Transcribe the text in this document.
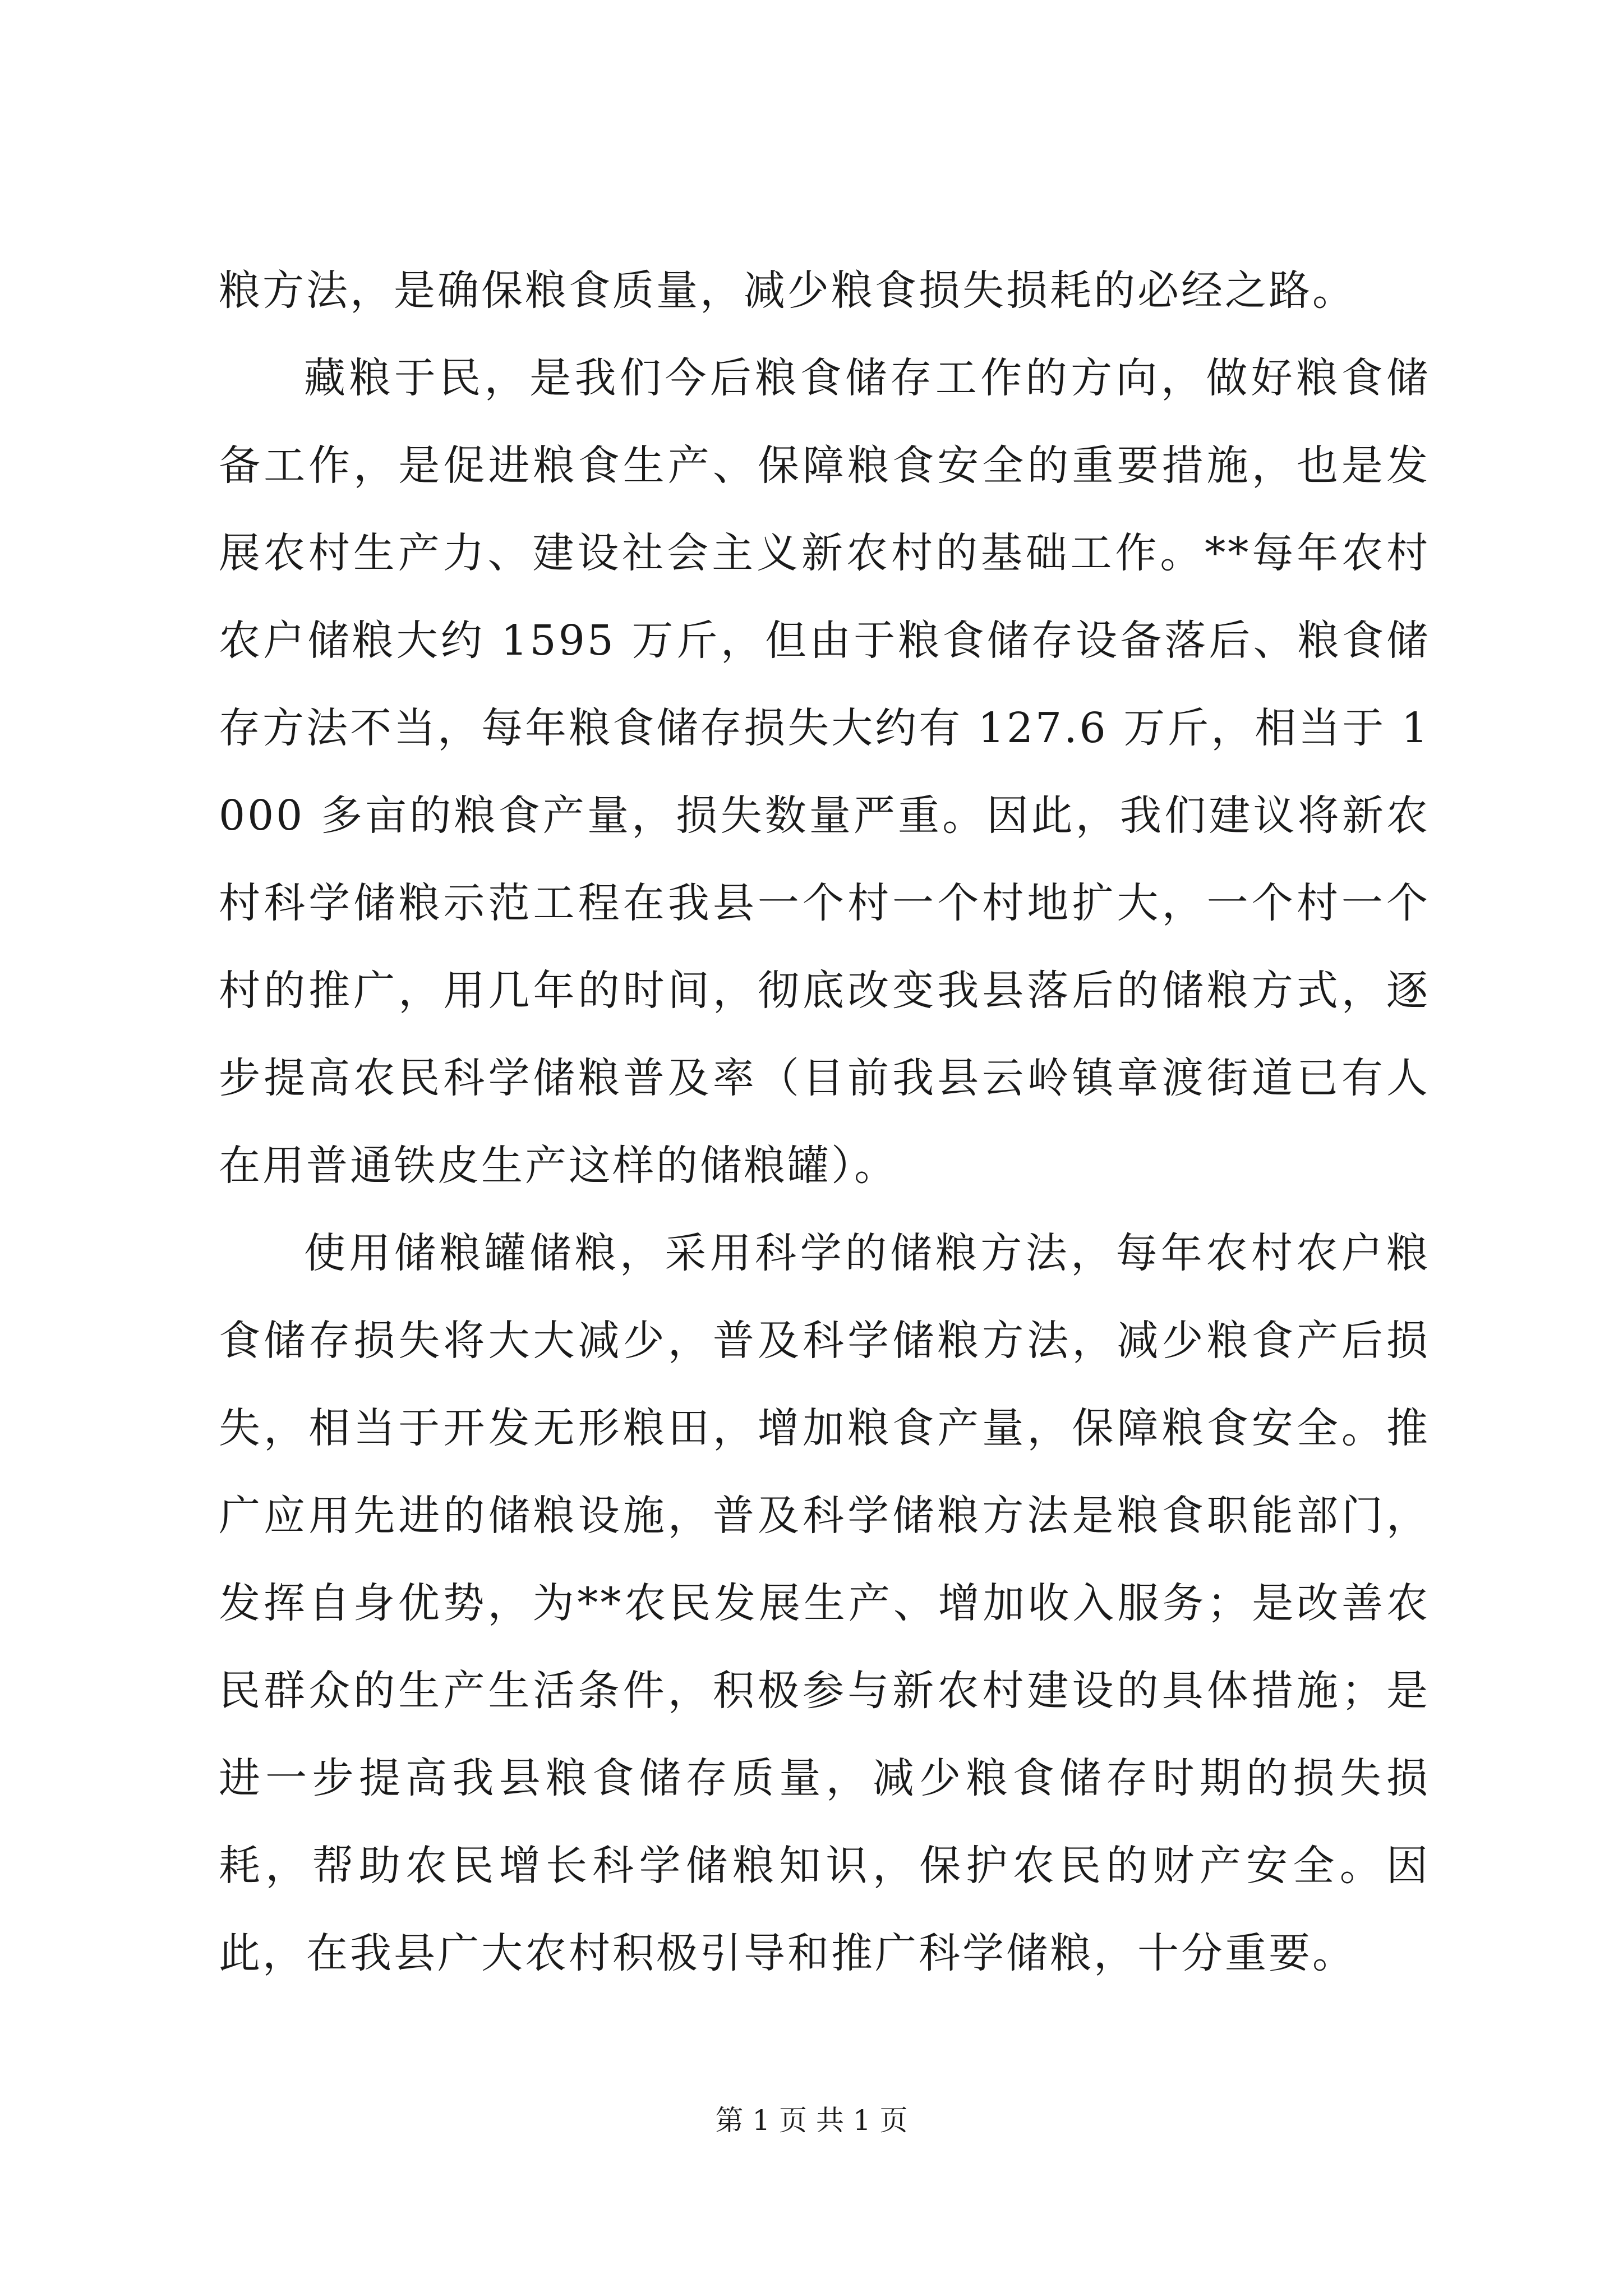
粮方法，是确保粮食质量，减少粮食损失损耗的必经之路。

藏粮于民，是我们今后粮食储存工作的方向，做好粮食储备工作，是促进粮食生产、保障粮食安全的重要措施，也是发展农村生产力、建设社会主义新农村的基础工作。**每年农村农户储粮大约 1595 万斤，但由于粮食储存设备落后、粮食储存方法不当，每年粮食储存损失大约有 127.6 万斤，相当于 1000 多亩的粮食产量，损失数量严重。因此，我们建议将新农村科学储粮示范工程在我县一个村一个村地扩大，一个村一个村的推广，用几年的时间，彻底改变我县落后的储粮方式，逐步提高农民科学储粮普及率（目前我县云岭镇章渡街道已有人在用普通铁皮生产这样的储粮罐）。

使用储粮罐储粮，采用科学的储粮方法，每年农村农户粮食储存损失将大大减少，普及科学储粮方法，减少粮食产后损失，相当于开发无形粮田，增加粮食产量，保障粮食安全。推广应用先进的储粮设施，普及科学储粮方法是粮食职能部门，发挥自身优势，为**农民发展生产、增加收入服务；是改善农民群众的生产生活条件，积极参与新农村建设的具体措施；是进一步提高我县粮食储存质量，减少粮食储存时期的损失损耗，帮助农民增长科学储粮知识，保护农民的财产安全。因此，在我县广大农村积极引导和推广科学储粮，十分重要。

第 1 页 共 1 页
